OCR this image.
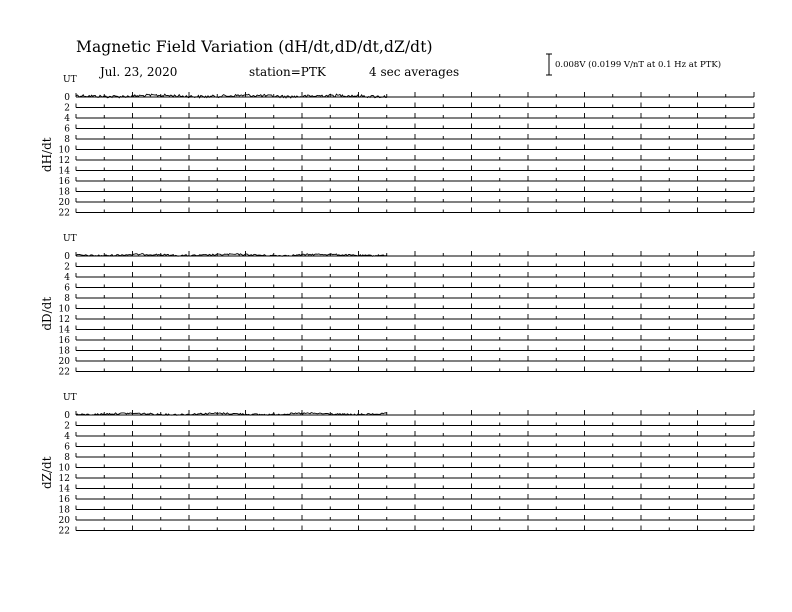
Magnetic Field Variation (dH/dt,dD/dt,dZ/dt)
Jul. 23, 2020	station=PTK	4 sec averages	0.008V (0.0199 V/nT at 0.1 Hz at PTK)
UT
dH/dt
0
2
4
6
8
10
12
14
16
18
20
22
UT
dD/dt
0
2
4
6
8
10
12
14
16
18
20
22
UT
dZ/dt
0
2
4
6
8
10
12
14
16
18
20
22
